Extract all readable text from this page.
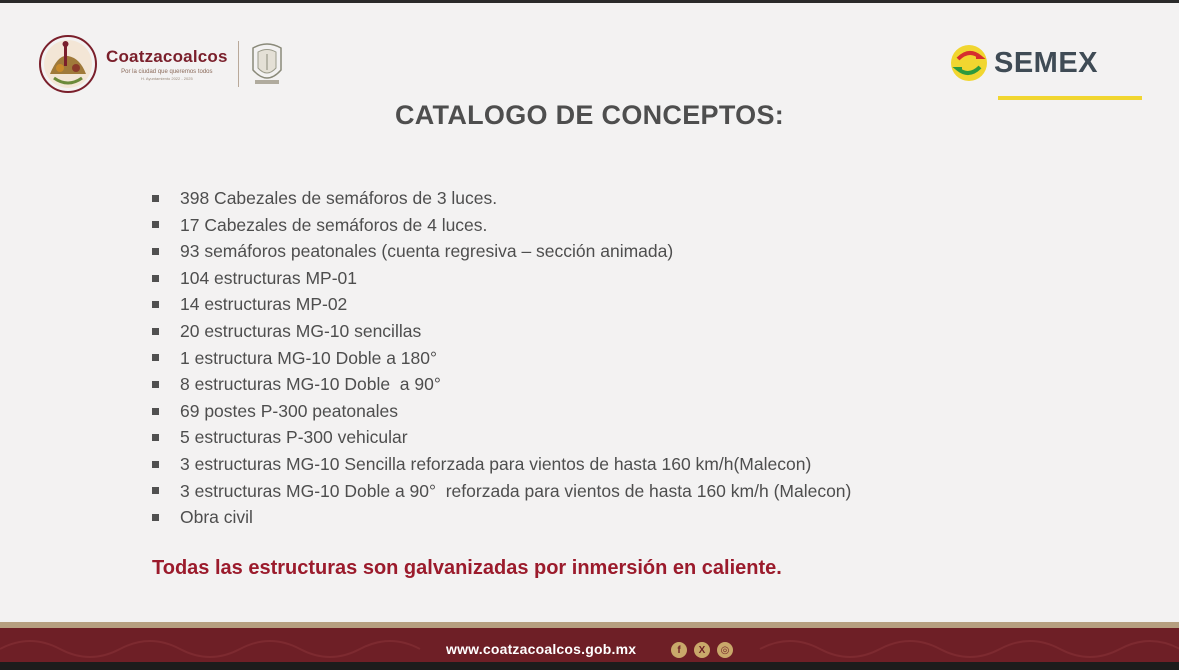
Coatzacoalcos
Por la ciudad que queremos todos
H. Ayuntamiento 2022 - 2025	SEMEX
CATALOGO DE CONCEPTOS:
398 Cabezales de semáforos de 3 luces.
17 Cabezales de semáforos de 4 luces.
93 semáforos peatonales (cuenta regresiva – sección animada)
104 estructuras MP-01
14 estructuras MP-02
20 estructuras MG-10 sencillas
1 estructura MG-10 Doble a 180°
8 estructuras MG-10 Doble  a 90°
69 postes P-300 peatonales
5 estructuras P-300 vehicular
3 estructuras MG-10 Sencilla reforzada para vientos de hasta 160 km/h(Malecon)
3 estructuras MG-10 Doble a 90°  reforzada para vientos de hasta 160 km/h (Malecon)
Obra civil
Todas las estructuras son galvanizadas por inmersión en caliente.
www.coatzacoalcos.gob.mx	f	X	◎
